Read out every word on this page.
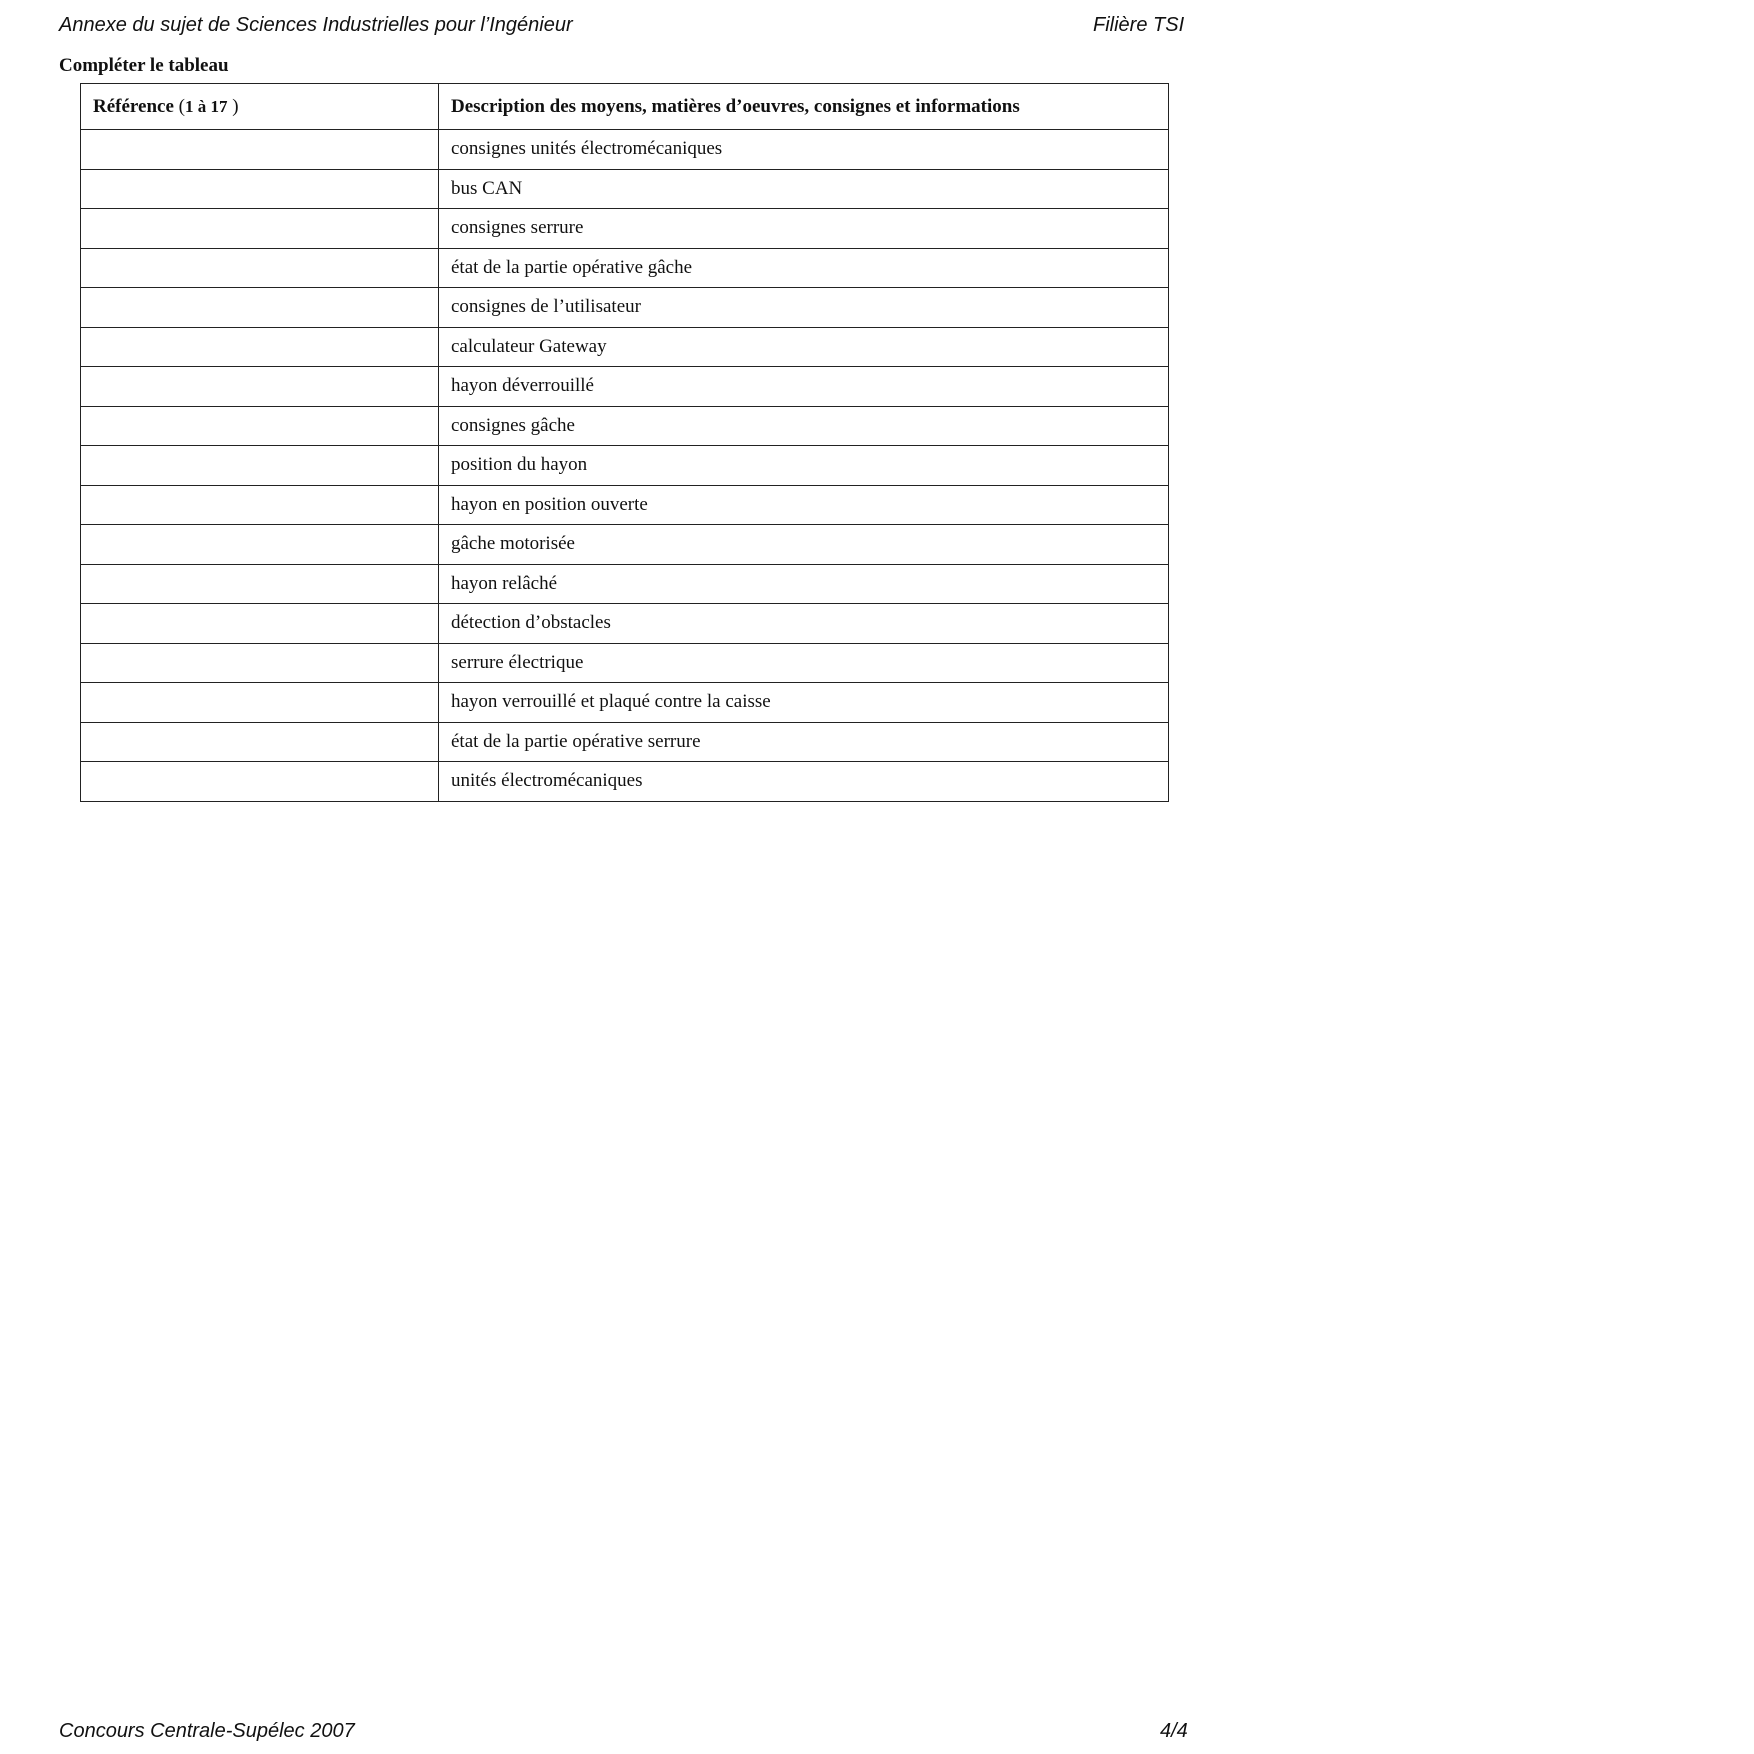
Annexe du sujet de Sciences Industrielles pour l’Ingénieur	Filière TSI
Compléter le tableau
Référence (1 à 17 )	Description des moyens, matières d’oeuvres, consignes et informations
	consignes unités électromécaniques
	bus CAN
	consignes serrure
	état de la partie opérative gâche
	consignes de l’utilisateur
	calculateur Gateway
	hayon déverrouillé
	consignes gâche
	position du hayon
	hayon en position ouverte
	gâche motorisée
	hayon relâché
	détection d’obstacles
	serrure électrique
	hayon verrouillé et plaqué contre la caisse
	état de la partie opérative serrure
	unités électromécaniques
Concours Centrale-Supélec 2007	4/4
